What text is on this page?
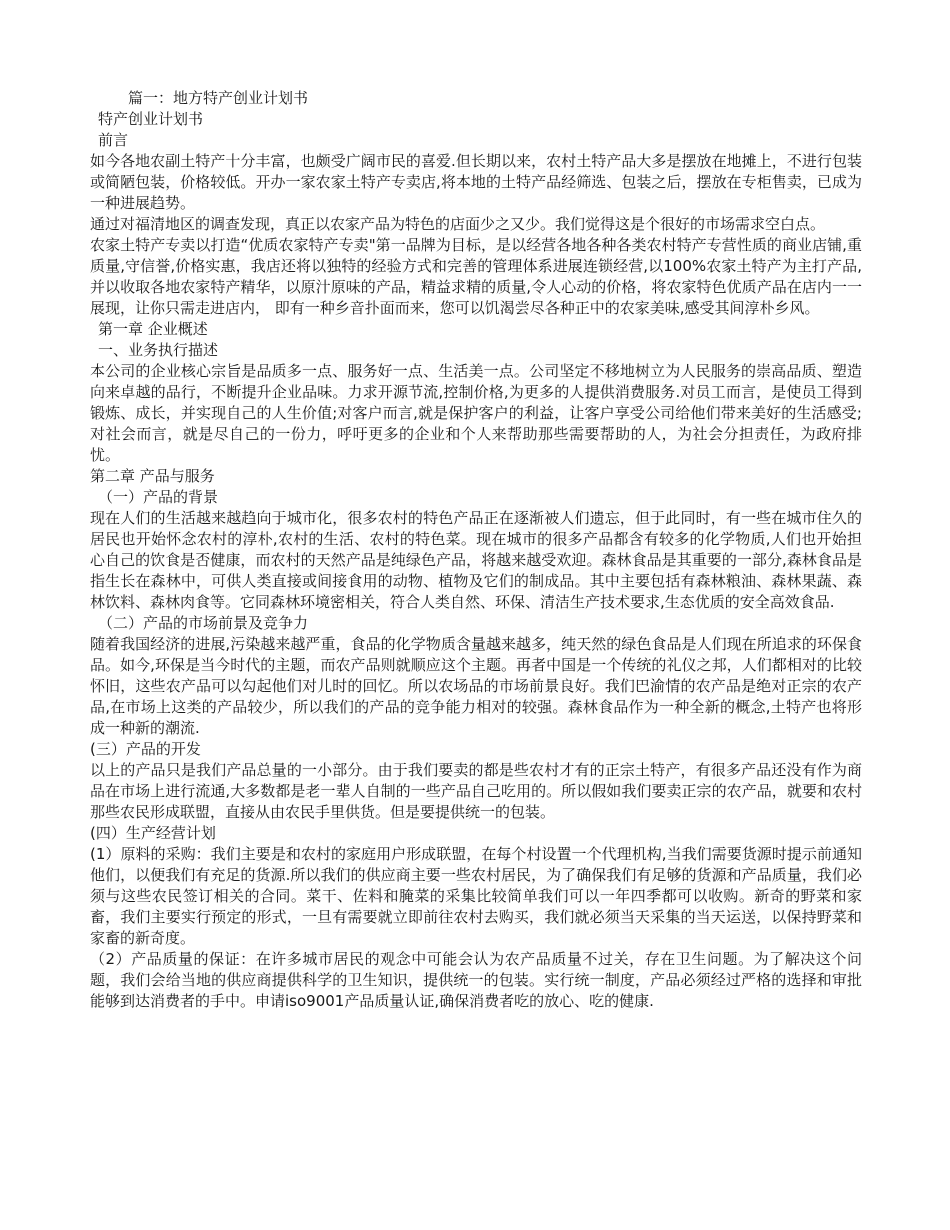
篇一：地方特产创业计划书

特产创业计划书

前言

如今各地农副土特产十分丰富，也颇受广阔市民的喜爱.但长期以来，农村土特产品大多是摆放在地摊上，不进行包装或简陋包装，价格较低。开办一家农家土特产专卖店,将本地的土特产品经筛选、包装之后，摆放在专柜售卖，已成为一种进展趋势。

通过对福清地区的调查发现，真正以农家产品为特色的店面少之又少。我们觉得这是个很好的市场需求空白点。

农家土特产专卖以打造“优质农家特产专卖"第一品牌为目标，是以经营各地各种各类农村特产专营性质的商业店铺,重质量,守信誉,价格实惠，我店还将以独特的经验方式和完善的管理体系进展连锁经营,以100%农家土特产为主打产品,并以收取各地农家特产精华，以原汁原味的产品，精益求精的质量,令人心动的价格，将农家特色优质产品在店内一一展现，让你只需走进店内， 即有一种乡音扑面而来，您可以饥渴尝尽各种正中的农家美味,感受其间淳朴乡风。

第一章 企业概述

一、业务执行描述

本公司的企业核心宗旨是品质多一点、服务好一点、生活美一点。公司坚定不移地树立为人民服务的崇高品质、塑造向来卓越的品行，不断提升企业品味。力求开源节流,控制价格,为更多的人提供消费服务.对员工而言，是使员工得到锻炼、成长，并实现自己的人生价值;对客户而言,就是保护客户的利益，让客户享受公司给他们带来美好的生活感受;对社会而言，就是尽自己的一份力，呼吁更多的企业和个人来帮助那些需要帮助的人，为社会分担责任，为政府排忧。

第二章 产品与服务

（一）产品的背景

现在人们的生活越来越趋向于城市化，很多农村的特色产品正在逐渐被人们遗忘，但于此同时，有一些在城市住久的居民也开始怀念农村的淳朴,农村的生活、农村的特色菜。现在城市的很多产品都含有较多的化学物质,人们也开始担心自己的饮食是否健康，而农村的天然产品是纯绿色产品，将越来越受欢迎。森林食品是其重要的一部分,森林食品是指生长在森林中，可供人类直接或间接食用的动物、植物及它们的制成品。其中主要包括有森林粮油、森林果蔬、森林饮料、森林肉食等。它同森林环境密相关，符合人类自然、环保、清洁生产技术要求,生态优质的安全高效食品.

（二）产品的市场前景及竞争力

随着我国经济的进展,污染越来越严重，食品的化学物质含量越来越多，纯天然的绿色食品是人们现在所追求的环保食品。如今,环保是当今时代的主题，而农产品则就顺应这个主题。再者中国是一个传统的礼仪之邦，人们都相对的比较怀旧，这些农产品可以勾起他们对儿时的回忆。所以农场品的市场前景良好。我们巴渝情的农产品是绝对正宗的农产品,在市场上这类的产品较少，所以我们的产品的竞争能力相对的较强。森林食品作为一种全新的概念,土特产也将形成一种新的潮流.

(三）产品的开发

以上的产品只是我们产品总量的一小部分。由于我们要卖的都是些农村才有的正宗土特产，有很多产品还没有作为商品在市场上进行流通,大多数都是老一辈人自制的一些产品自己吃用的。所以假如我们要卖正宗的农产品，就要和农村那些农民形成联盟，直接从由农民手里供货。但是要提供统一的包装。

(四）生产经营计划

(1）原料的采购：我们主要是和农村的家庭用户形成联盟，在每个村设置一个代理机构,当我们需要货源时提示前通知他们，以便我们有充足的货源.所以我们的供应商主要一些农村居民，为了确保我们有足够的货源和产品质量，我们必须与这些农民签订相关的合同。菜干、佐料和腌菜的采集比较简单我们可以一年四季都可以收购。新奇的野菜和家畜，我们主要实行预定的形式，一旦有需要就立即前往农村去购买，我们就必须当天采集的当天运送，以保持野菜和家畜的新奇度。

（2）产品质量的保证：在许多城市居民的观念中可能会认为农产品质量不过关，存在卫生问题。为了解决这个问题，我们会给当地的供应商提供科学的卫生知识，提供统一的包装。实行统一制度，产品必须经过严格的选择和审批能够到达消费者的手中。申请iso9001产品质量认证,确保消费者吃的放心、吃的健康.
